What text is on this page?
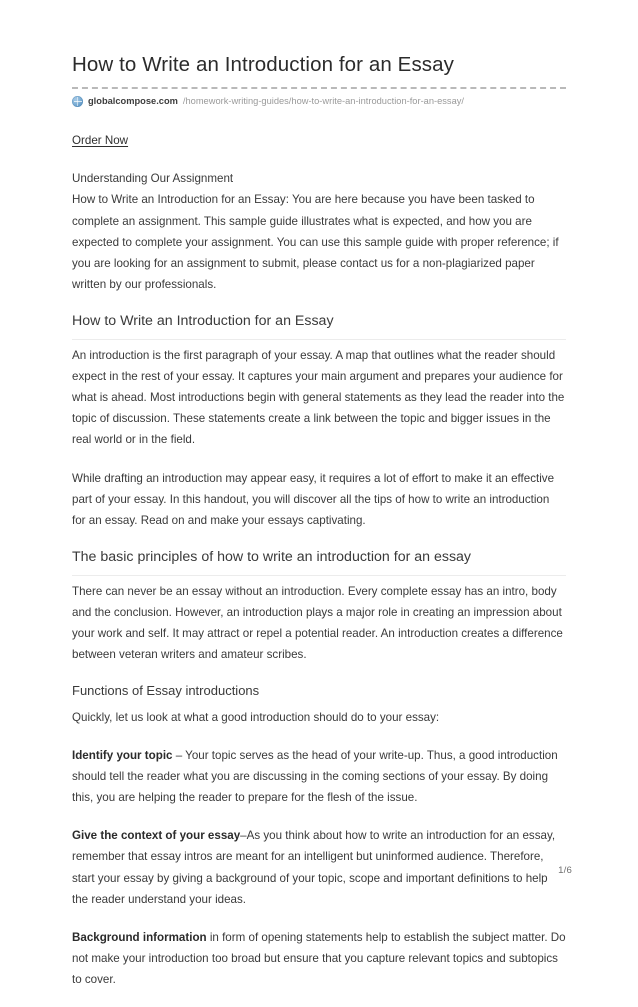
How to Write an Introduction for an Essay
globalcompose.com /homework-writing-guides/how-to-write-an-introduction-for-an-essay/
Order Now

Understanding Our Assignment

How to Write an Introduction for an Essay: You are here because you have been tasked to complete an assignment. This sample guide illustrates what is expected, and how you are expected to complete your assignment. You can use this sample guide with proper reference; if you are looking for an assignment to submit, please contact us for a non-plagiarized paper written by our professionals.

How to Write an Introduction for an Essay

An introduction is the first paragraph of your essay. A map that outlines what the reader should expect in the rest of your essay. It captures your main argument and prepares your audience for what is ahead. Most introductions begin with general statements as they lead the reader into the topic of discussion. These statements create a link between the topic and bigger issues in the real world or in the field.

While drafting an introduction may appear easy, it requires a lot of effort to make it an effective part of your essay. In this handout, you will discover all the tips of how to write an introduction for an essay. Read on and make your essays captivating.

The basic principles of how to write an introduction for an essay

There can never be an essay without an introduction. Every complete essay has an intro, body and the conclusion. However, an introduction plays a major role in creating an impression about your work and self. It may attract or repel a potential reader. An introduction creates a difference between veteran writers and amateur scribes.

Functions of Essay introductions

Quickly, let us look at what a good introduction should do to your essay:

Identify your topic – Your topic serves as the head of your write-up. Thus, a good introduction should tell the reader what you are discussing in the coming sections of your essay. By doing this, you are helping the reader to prepare for the flesh of the issue.

Give the context of your essay–As you think about how to write an introduction for an essay, remember that essay intros are meant for an intelligent but uninformed audience. Therefore, start your essay by giving a background of your topic, scope and important definitions to help the reader understand your ideas.

Background information in form of opening statements help to establish the subject matter. Do not make your introduction too broad but ensure that you capture relevant topics and subtopics to cover.

1/6
